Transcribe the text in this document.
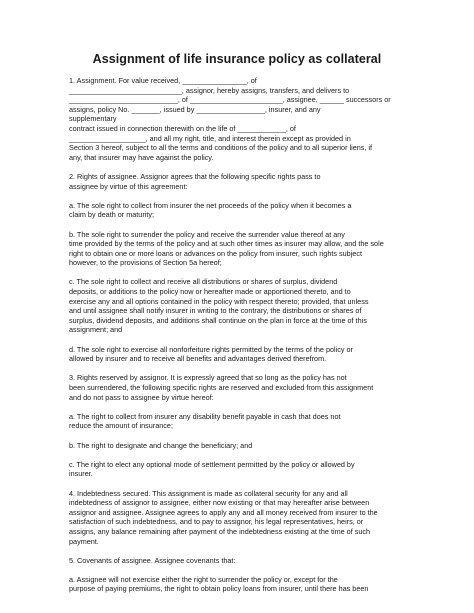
Assignment of life insurance policy as collateral
1. Assignment. For value received, ________________, of
____________________________, assignor, hereby assigns, transfers, and delivers to
___________________________, of _______________________, assignee, ______ successors or
assigns, policy No. _______, issued by _________________, insurer, and any
supplementary
contract issued in connection therewith on the life of ____________, of
___________________, and all my right, title, and interest therein except as provided in
Section 3 hereof, subject to all the terms and conditions of the policy and to all superior liens, if
any, that insurer may have against the policy.
2. Rights of assignee. Assignor agrees that the following specific rights pass to
assignee by virtue of this agreement:
a. The sole right to collect from insurer the net proceeds of the policy when it becomes a
claim by death or maturity;
b. The sole right to surrender the policy and receive the surrender value thereof at any
time provided by the terms of the policy and at such other times as insurer may allow, and the sole
right to obtain one or more loans or advances on the policy from insurer, such rights subject
however, to the provisions of Section 5a hereof;
c. The sole right to collect and receive all distributions or shares of surplus, dividend
deposits, or additions to the policy now or hereafter made or apportioned thereto, and to
exercise any and all options contained in the policy with respect thereto; provided, that unless
and until assignee shall notify insurer in writing to the contrary, the distributions or shares of
surplus, dividend deposits, and additions shall continue on the plan in force at the time of this
assignment; and
d. The sole right to exercise all nonforfeiture rights permitted by the terms of the policy or
allowed by insurer and to receive all benefits and advantages derived therefrom.
3. Rights reserved by assignor. It is expressly agreed that so long as the policy has not
been surrendered, the following specific rights are reserved and excluded from this assignment
and do not pass to assignee by virtue hereof:
a. The right to collect from insurer any disability benefit payable in cash that does not
reduce the amount of insurance;
b. The right to designate and change the beneficiary; and
c. The right to elect any optional mode of settlement permitted by the policy or allowed by
insurer.
4. Indebtedness secured. This assignment is made as collateral security for any and all
indebtedness of assignor to assignee, either now existing or that may hereafter arise between
assignor and assignee. Assignee agrees to apply any and all money received from insurer to the
satisfaction of such indebtedness, and to pay to assignor, his legal representatives, heirs, or
assigns, any balance remaining after payment of the indebtedness existing at the time of such
payment.
5. Covenants of assignee. Assignee covenants that:
a. Assignee will not exercise either the right to surrender the policy or, except for the
purpose of paying premiums, the right to obtain policy loans from insurer, until there has been
